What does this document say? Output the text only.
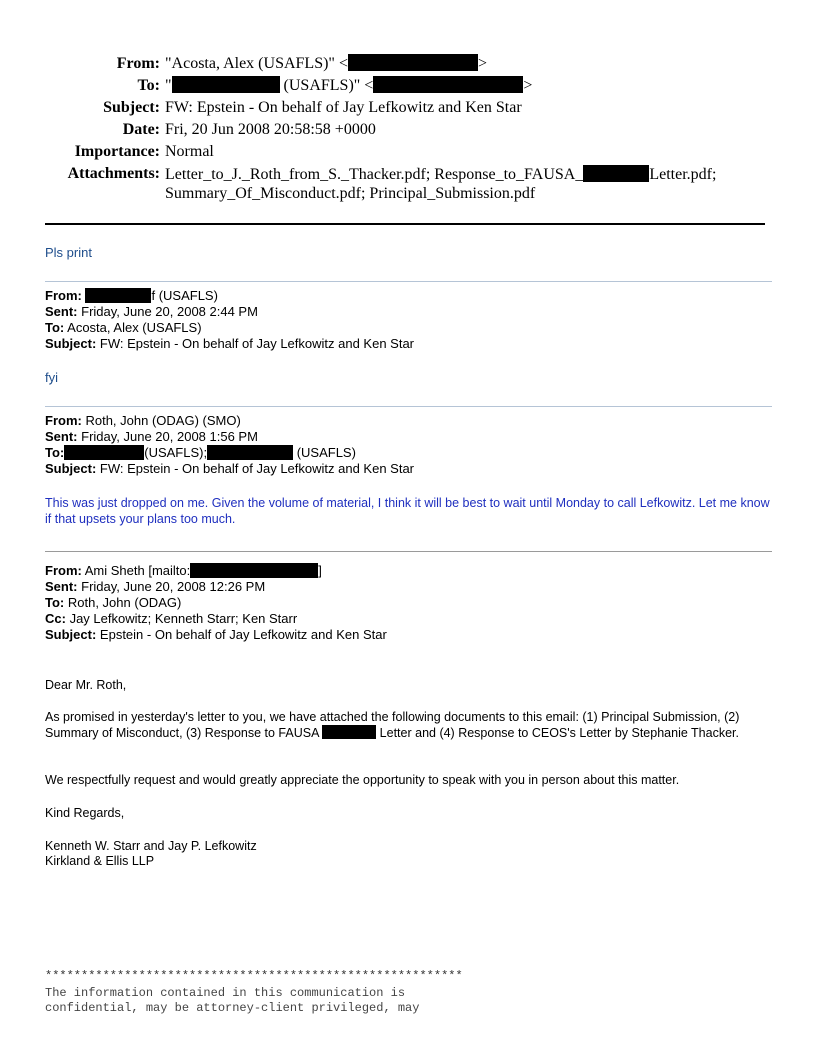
From: "Acosta, Alex (USAFLS)" <	>
To: "	(USAFLS)" <	>
Subject: FW: Epstein - On behalf of Jay Lefkowitz and Ken Star
Date: Fri, 20 Jun 2008 20:58:58 +0000
Importance: Normal
Attachments: Letter_to_J._Roth_from_S._Thacker.pdf; Response_to_FAUSA_	Letter.pdf;
Summary_Of_Misconduct.pdf; Principal_Submission.pdf
Pls print
From:	f (USAFLS)
Sent: Friday, June 20, 2008 2:44 PM
To: Acosta, Alex (USAFLS)
Subject: FW: Epstein - On behalf of Jay Lefkowitz and Ken Star
fyi
From: Roth, John (ODAG) (SMO)
Sent: Friday, June 20, 2008 1:56 PM
To:	(USAFLS);	(USAFLS)
Subject: FW: Epstein - On behalf of Jay Lefkowitz and Ken Star
This was just dropped on me. Given the volume of material, I think it will be best to wait until Monday to call Lefkowitz. Let me know if that upsets your plans too much.
From: Ami Sheth [mailto:	]
Sent: Friday, June 20, 2008 12:26 PM
To: Roth, John (ODAG)
Cc: Jay Lefkowitz; Kenneth Starr; Ken Starr
Subject: Epstein - On behalf of Jay Lefkowitz and Ken Star
Dear Mr. Roth,
As promised in yesterday's letter to you, we have attached the following documents to this email: (1) Principal Submission, (2) Summary of Misconduct, (3) Response to FAUSA	Letter and (4) Response to CEOS's Letter by Stephanie Thacker.
We respectfully request and would greatly appreciate the opportunity to speak with you in person about this matter.
Kind Regards,
Kenneth W. Starr and Jay P. Lefkowitz
Kirkland & Ellis LLP
**********************************************************
The information contained in this communication is
confidential, may be attorney-client privileged, may
